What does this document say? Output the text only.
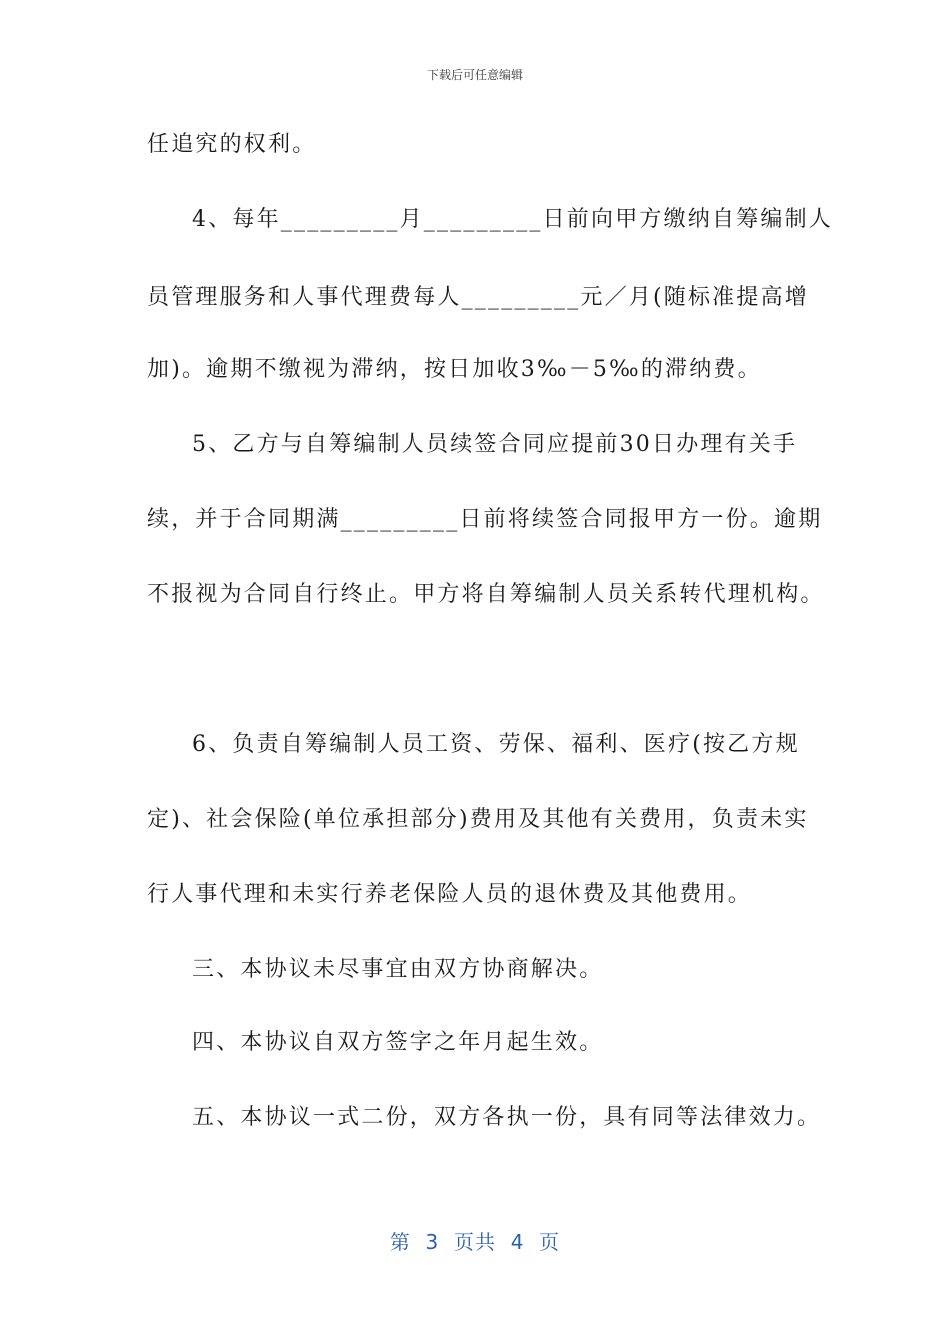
下载后可任意编辑
任追究的权利。
4、每年_________月_________日前向甲方缴纳自筹编制人
员管理服务和人事代理费每人_________元／月(随标准提高增
加)。逾期不缴视为滞纳，按日加收3‰－5‰的滞纳费。
5、乙方与自筹编制人员续签合同应提前30日办理有关手
续，并于合同期满_________日前将续签合同报甲方一份。逾期
不报视为合同自行终止。甲方将自筹编制人员关系转代理机构。
6、负责自筹编制人员工资、劳保、福利、医疗(按乙方规
定)、社会保险(单位承担部分)费用及其他有关费用，负责未实
行人事代理和未实行养老保险人员的退休费及其他费用。
三、本协议未尽事宜由双方协商解决。
四、本协议自双方签字之年月起生效。
五、本协议一式二份，双方各执一份，具有同等法律效力。
第  3  页共  4  页
